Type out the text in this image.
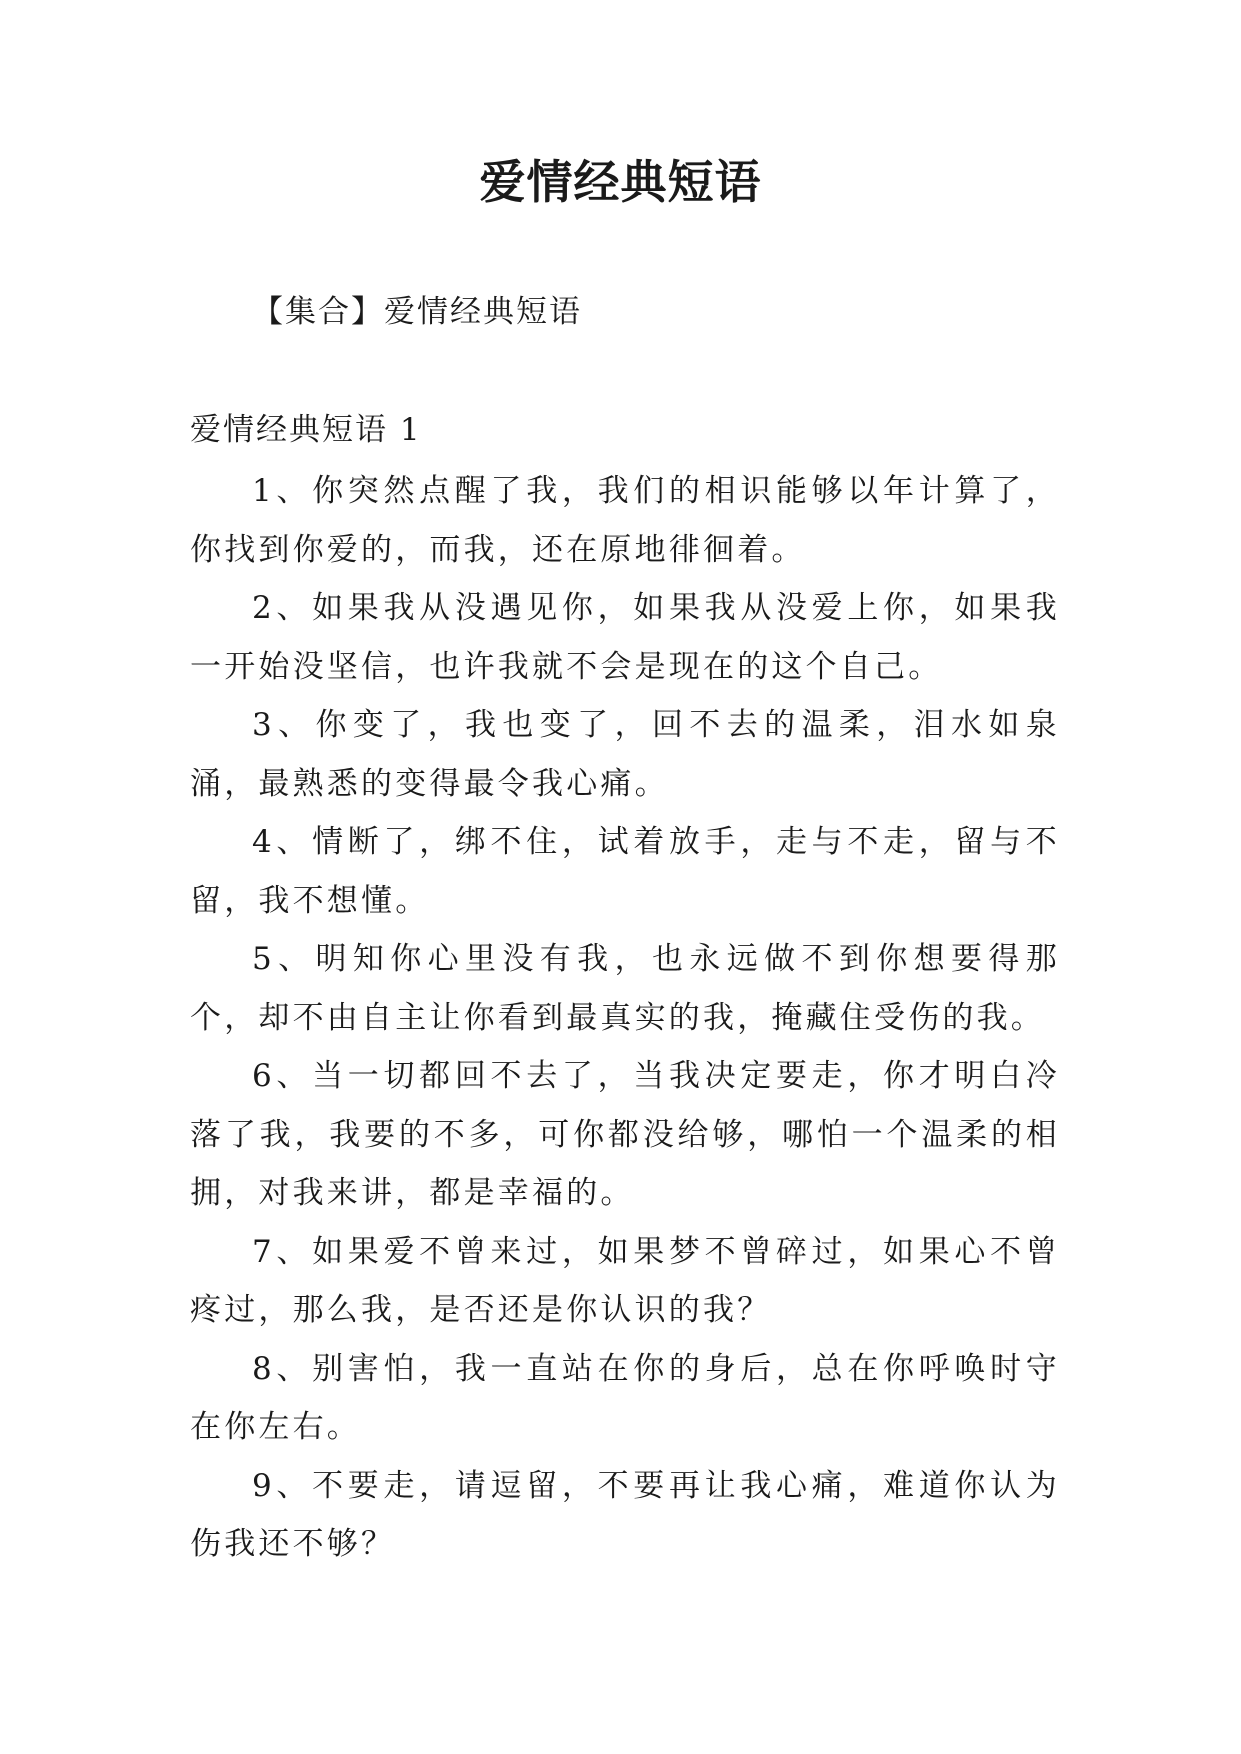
爱情经典短语
【集合】爱情经典短语
爱情经典短语 1

1、你突然点醒了我，我们的相识能够以年计算了，你找到你爱的，而我，还在原地徘徊着。

2、如果我从没遇见你，如果我从没爱上你，如果我一开始没坚信，也许我就不会是现在的这个自己。

3、你变了，我也变了，回不去的温柔，泪水如泉涌，最熟悉的变得最令我心痛。

4、情断了，绑不住，试着放手，走与不走，留与不留，我不想懂。

5、明知你心里没有我，也永远做不到你想要得那个，却不由自主让你看到最真实的我，掩藏住受伤的我。

6、当一切都回不去了，当我决定要走，你才明白冷落了我，我要的不多，可你都没给够，哪怕一个温柔的相拥，对我来讲，都是幸福的。

7、如果爱不曾来过，如果梦不曾碎过，如果心不曾疼过，那么我，是否还是你认识的我？

8、别害怕，我一直站在你的身后，总在你呼唤时守在你左右。

9、不要走，请逗留，不要再让我心痛，难道你认为伤我还不够？
